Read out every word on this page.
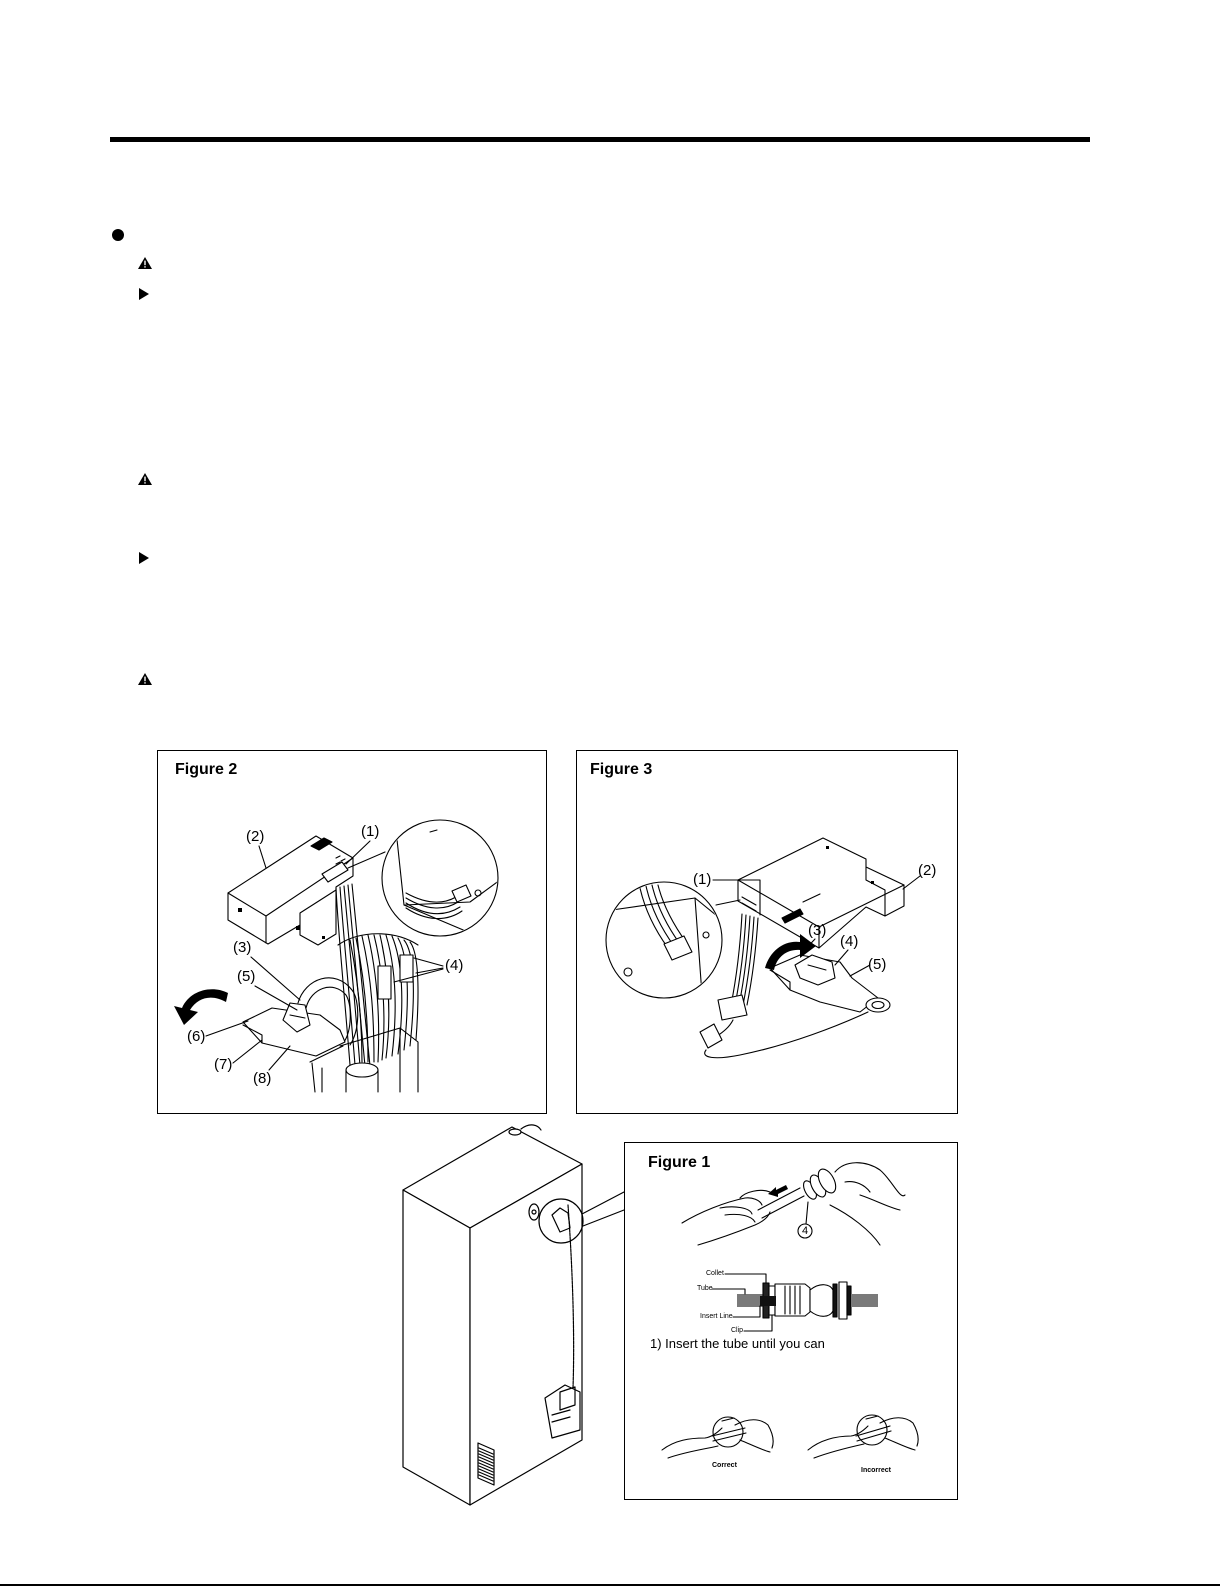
Figure 2
(1)
(2)
(3)
(4)
(5)
(6)
(7)
(8)
Figure 3
(1)
(2)
(3)
(4)
(5)
Figure 1
4
Collet
Tube
Insert Line
Clip
1) Insert the tube until you can
Correct
Incorrect
